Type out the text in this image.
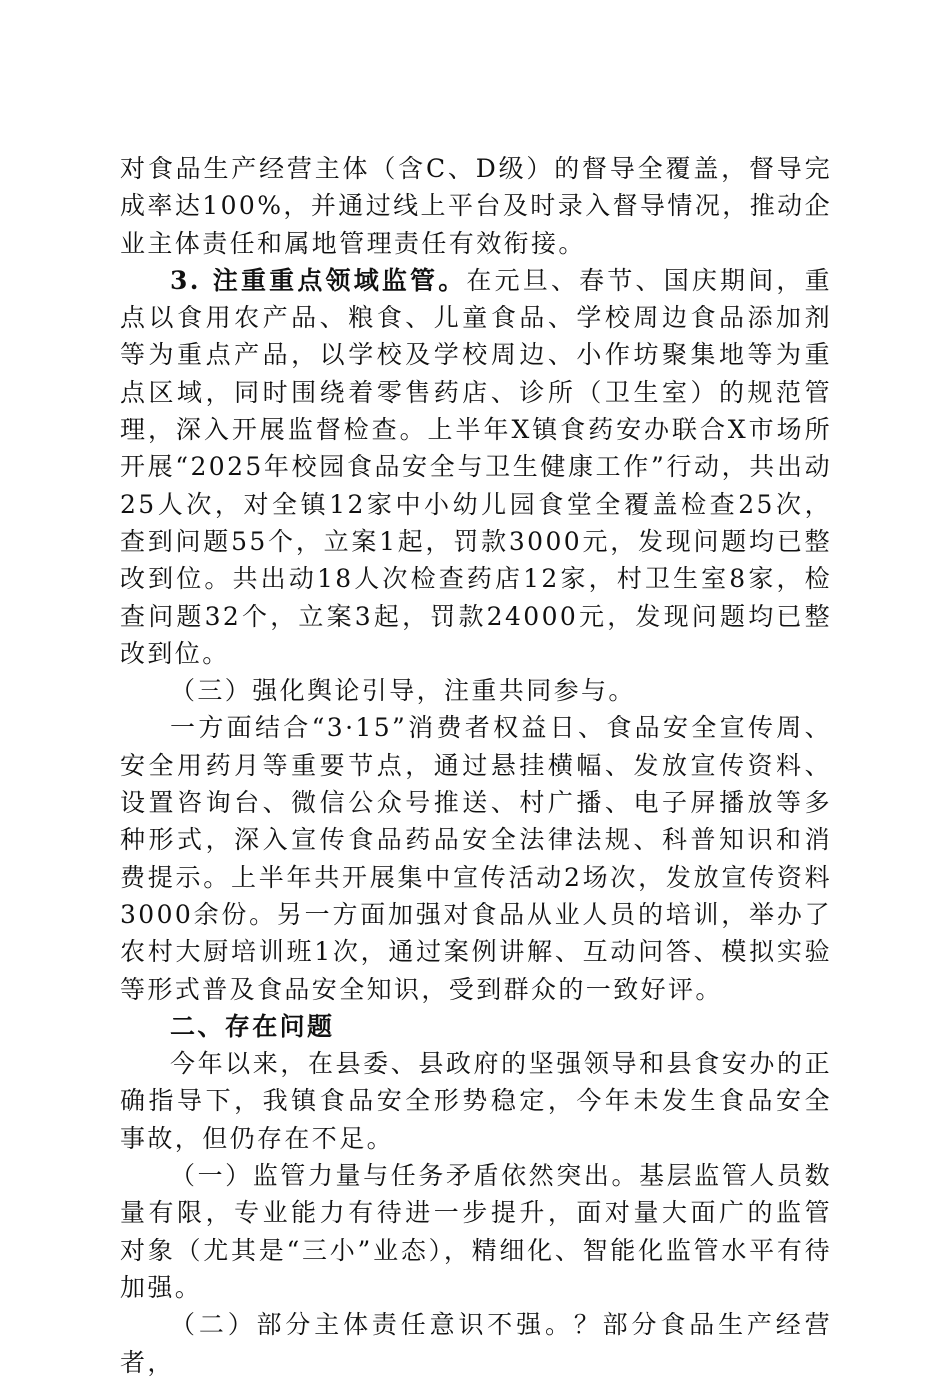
对食品生产经营主体（含C、D级）的督导全覆盖，督导完成率达100%，并通过线上平台及时录入督导情况，推动企业主体责任和属地管理责任有效衔接。

3. 注重重点领域监管。在元旦、春节、国庆期间，重点以食用农产品、粮食、儿童食品、学校周边食品添加剂等为重点产品，以学校及学校周边、小作坊聚集地等为重点区域，同时围绕着零售药店、诊所（卫生室）的规范管理，深入开展监督检查。上半年X镇食药安办联合X市场所开展“2025年校园食品安全与卫生健康工作”行动，共出动25人次，对全镇12家中小幼儿园食堂全覆盖检查25次，查到问题55个，立案1起，罚款3000元，发现问题均已整改到位。共出动18人次检查药店12家，村卫生室8家，检查问题32个，立案3起，罚款24000元，发现问题均已整改到位。

（三）强化舆论引导，注重共同参与。

一方面结合“3·15”消费者权益日、食品安全宣传周、安全用药月等重要节点，通过悬挂横幅、发放宣传资料、设置咨询台、微信公众号推送、村广播、电子屏播放等多种形式，深入宣传食品药品安全法律法规、科普知识和消费提示。上半年共开展集中宣传活动2场次，发放宣传资料3000余份。另一方面加强对食品从业人员的培训，举办了农村大厨培训班1次，通过案例讲解、互动问答、模拟实验等形式普及食品安全知识，受到群众的一致好评。

二、存在问题

今年以来，在县委、县政府的坚强领导和县食安办的正确指导下，我镇食品安全形势稳定，今年未发生食品安全事故，但仍存在不足。

（一）监管力量与任务矛盾依然突出。基层监管人员数量有限，专业能力有待进一步提升，面对量大面广的监管对象（尤其是“三小”业态），精细化、智能化监管水平有待加强。

（二）部分主体责任意识不强。？部分食品生产经营者，
